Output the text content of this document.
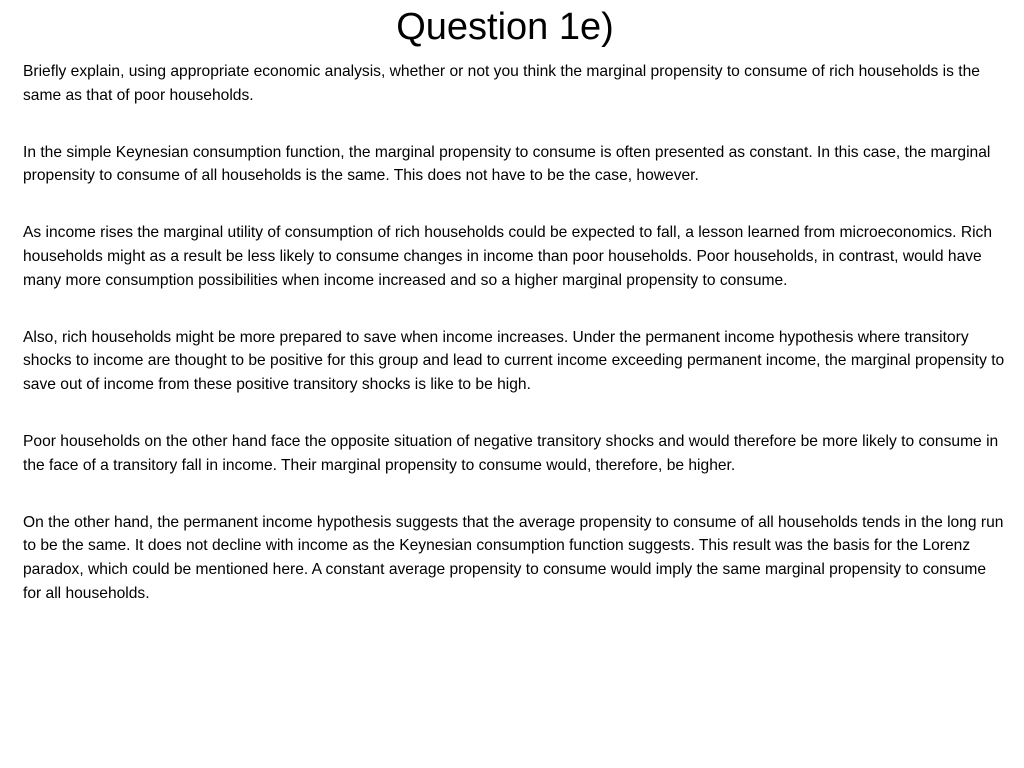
Question 1e)

Briefly explain, using appropriate economic analysis, whether or not you think the marginal propensity to consume of rich households is the same as that of poor households.

In the simple Keynesian consumption function, the marginal propensity to consume is often presented as constant. In this case, the marginal propensity to consume of all households is the same. This does not have to be the case, however.

As income rises the marginal utility of consumption of rich households could be expected to fall, a lesson learned from microeconomics. Rich households might as a result be less likely to consume changes in income than poor households. Poor households, in contrast, would have many more consumption possibilities when income increased and so a higher marginal propensity to consume.

Also, rich households might be more prepared to save when income increases. Under the permanent income hypothesis where transitory shocks to income are thought to be positive for this group and lead to current income exceeding permanent income, the marginal propensity to save out of income from these positive transitory shocks is like to be high.

Poor households on the other hand face the opposite situation of negative transitory shocks and would therefore be more likely to consume in the face of a transitory fall in income. Their marginal propensity to consume would, therefore, be higher.

On the other hand, the permanent income hypothesis suggests that the average propensity to consume of all households tends in the long run to be the same. It does not decline with income as the Keynesian consumption function suggests. This result was the basis for the Lorenz paradox, which could be mentioned here. A constant average propensity to consume would imply the same marginal propensity to consume for all households.
